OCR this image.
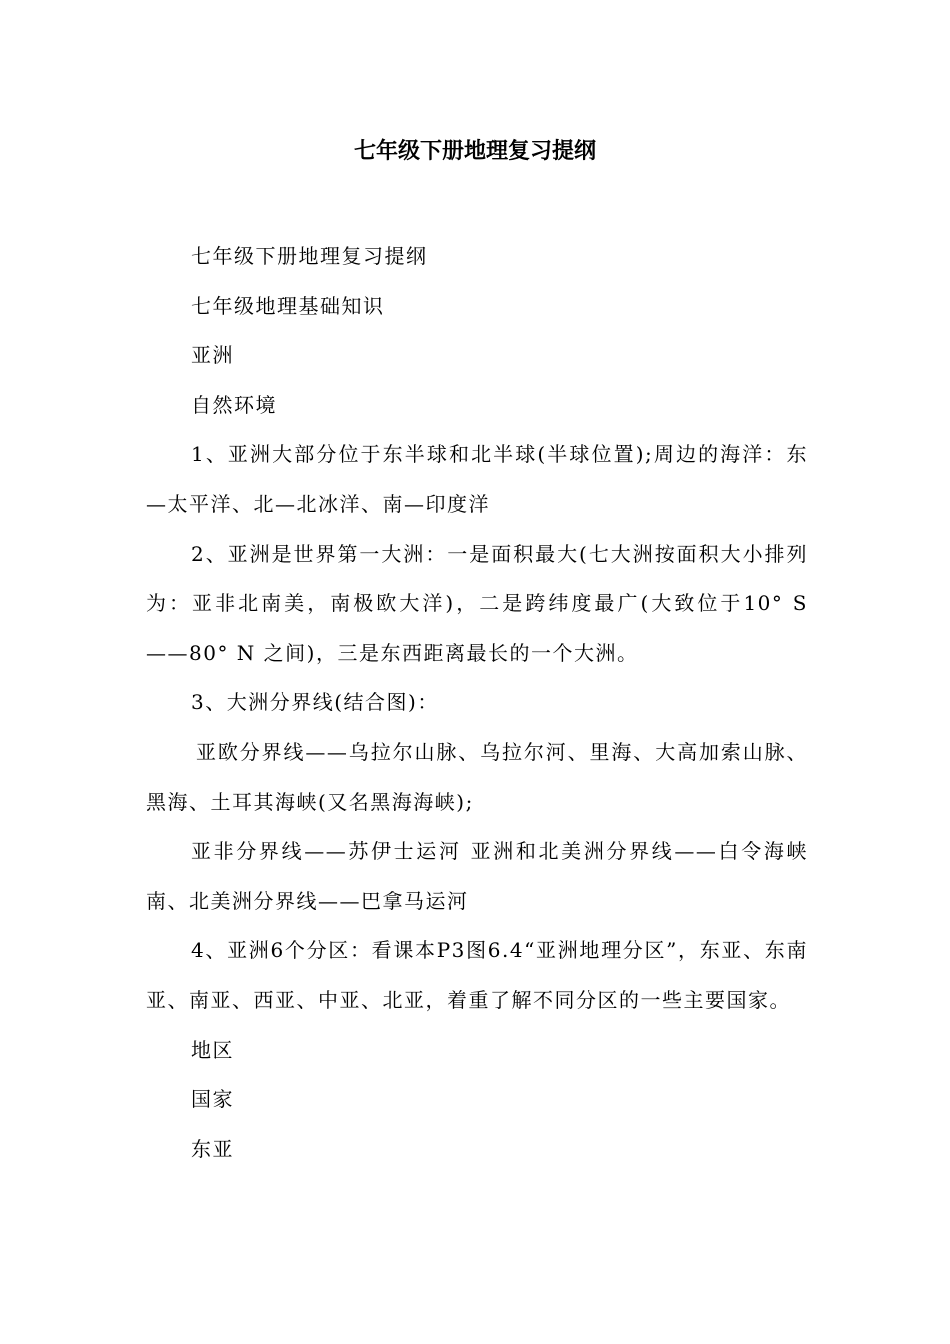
七年级下册地理复习提纲

七年级下册地理复习提纲

七年级地理基础知识

亚洲

自然环境

1、亚洲大部分位于东半球和北半球(半球位置);周边的海洋：东—太平洋、北—北冰洋、南—印度洋

2、亚洲是世界第一大洲：一是面积最大(七大洲按面积大小排列为：亚非北南美，南极欧大洋)，二是跨纬度最广(大致位于10° S——80° N 之间)，三是东西距离最长的一个大洲。

3、大洲分界线(结合图)：

亚欧分界线——乌拉尔山脉、乌拉尔河、里海、大高加索山脉、黑海、土耳其海峡(又名黑海海峡);

亚非分界线——苏伊士运河 亚洲和北美洲分界线——白令海峡 南、北美洲分界线——巴拿马运河

4、亚洲6个分区：看课本P3图6.4“亚洲地理分区”，东亚、东南亚、南亚、西亚、中亚、北亚，着重了解不同分区的一些主要国家。

地区

国家

东亚
